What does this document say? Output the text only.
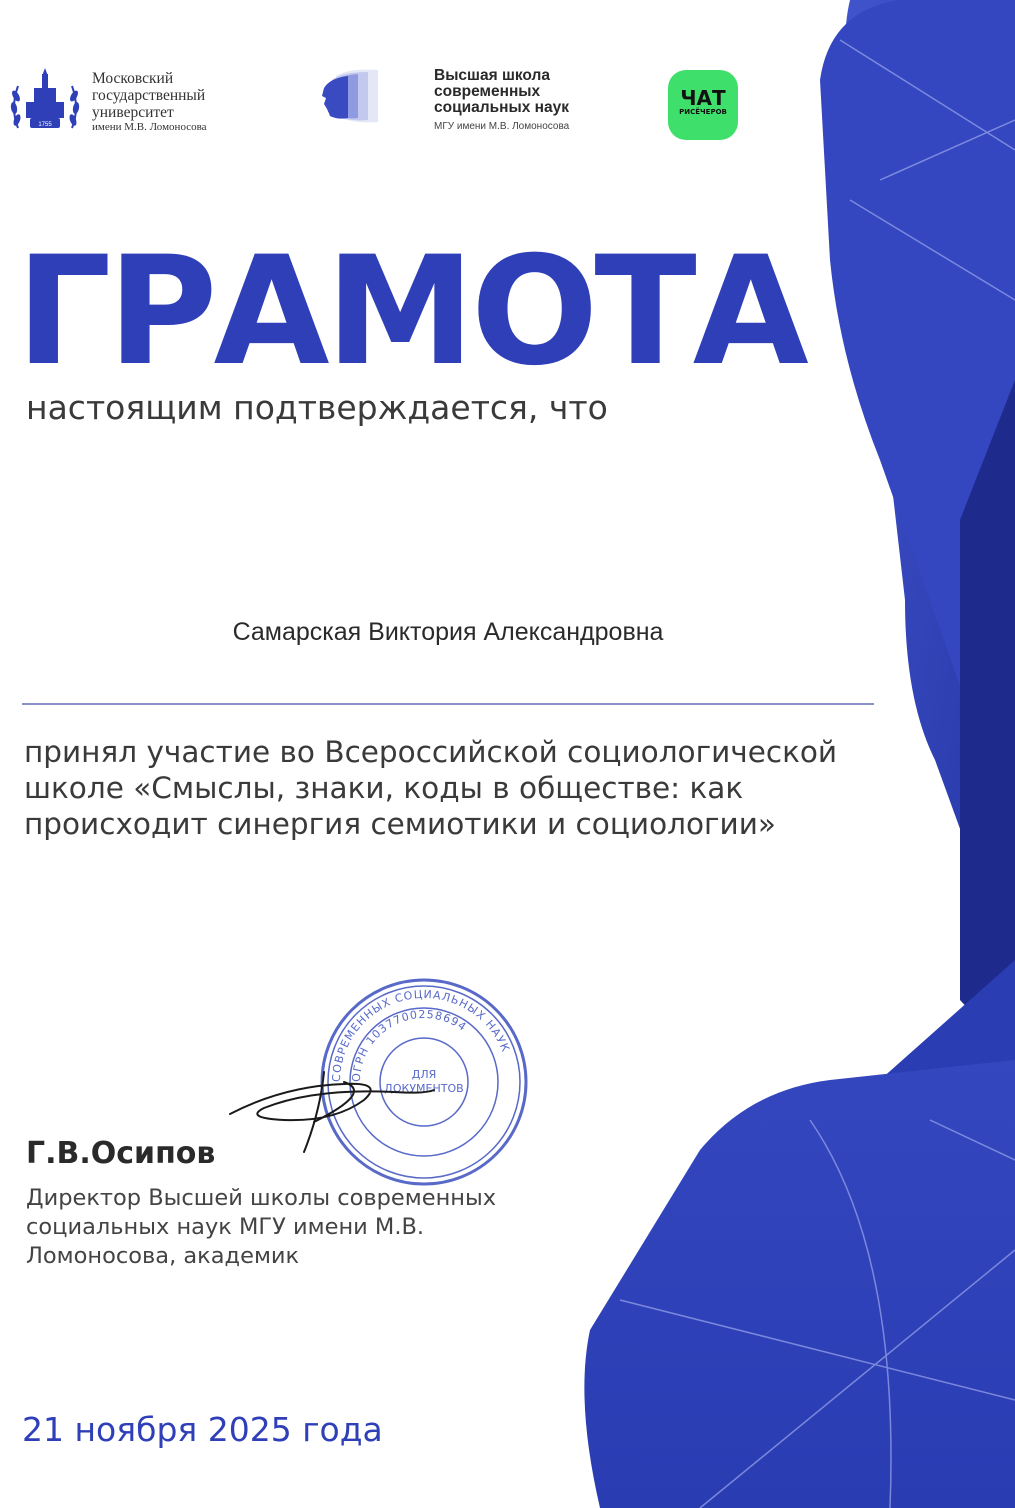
1755
Московский
государственный
университет
имени М.В. Ломоносова
Высшая школа
современных
социальных наук
МГУ имени М.В. Ломоносова
ЧАТ
РИСЁЧЕРОВ
ГРАМОТА
настоящим подтверждается, что
Самарская Виктория Александровна
принял участие во Всероссийской социологической школе «Смыслы, знаки, коды в обществе: как происходит синергия семиотики и социологии»
СОВРЕМЕННЫХ СОЦИАЛЬНЫХ НАУК
ОГРН 1037700258694
ДЛЯ
ДОКУМЕНТОВ
Г.В.Осипов
Директор Высшей школы современных социальных наук МГУ имени М.В. Ломоносова, академик
21 ноября 2025 года
